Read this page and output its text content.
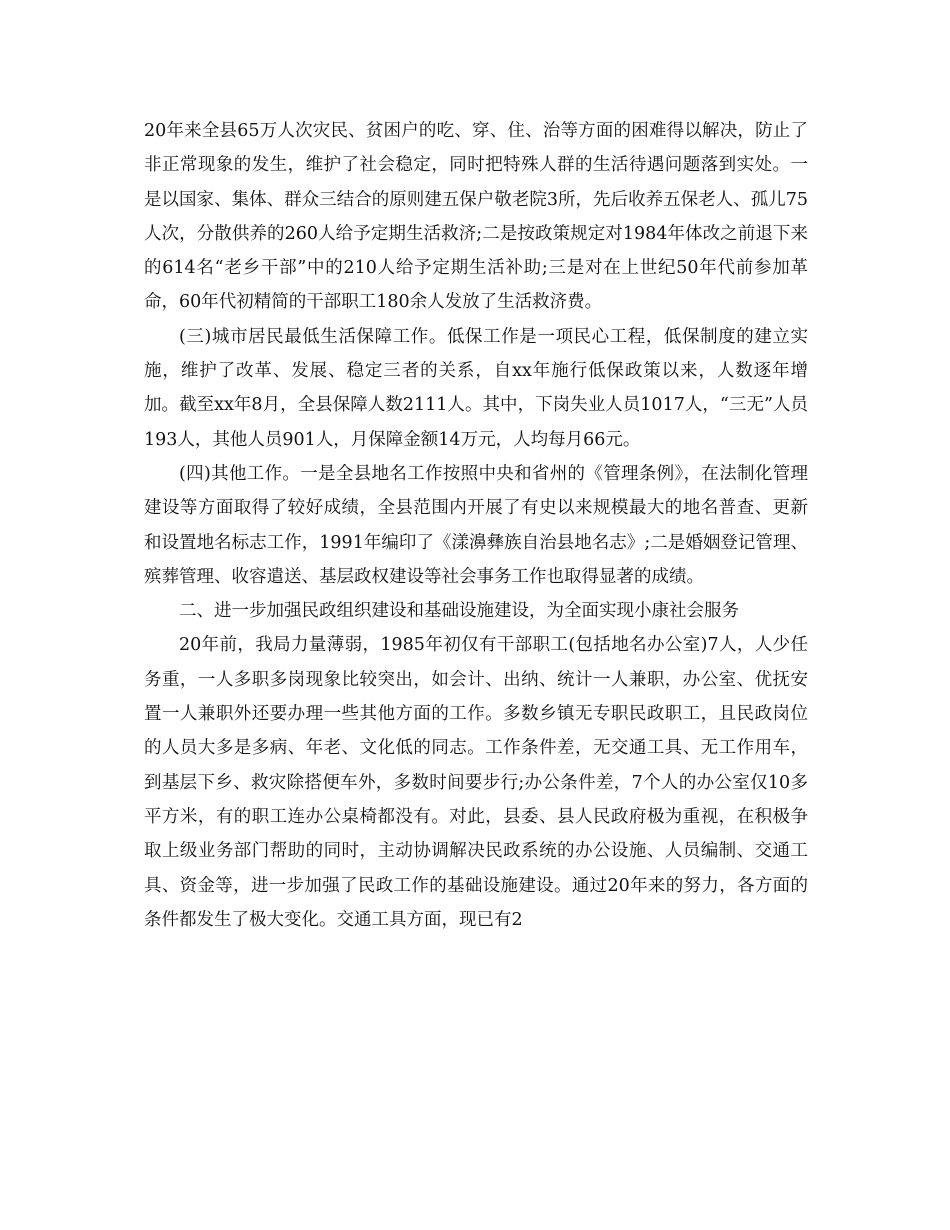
20年来全县65万人次灾民、贫困户的吃、穿、住、治等方面的困难得以解决，防止了非正常现象的发生，维护了社会稳定，同时把特殊人群的生活待遇问题落到实处。一是以国家、集体、群众三结合的原则建五保户敬老院3所，先后收养五保老人、孤儿75人次，分散供养的260人给予定期生活救济;二是按政策规定对1984年体改之前退下来的614名“老乡干部”中的210人给予定期生活补助;三是对在上世纪50年代前参加革命，60年代初精简的干部职工180余人发放了生活救济费。

(三)城市居民最低生活保障工作。低保工作是一项民心工程，低保制度的建立实施，维护了改革、发展、稳定三者的关系，自xx年施行低保政策以来，人数逐年增加。截至xx年8月，全县保障人数2111人。其中，下岗失业人员1017人，“三无”人员193人，其他人员901人，月保障金额14万元，人均每月66元。

(四)其他工作。一是全县地名工作按照中央和省州的《管理条例》，在法制化管理建设等方面取得了较好成绩，全县范围内开展了有史以来规模最大的地名普查、更新和设置地名标志工作，1991年编印了《漾濞彝族自治县地名志》;二是婚姻登记管理、殡葬管理、收容遣送、基层政权建设等社会事务工作也取得显著的成绩。

二、进一步加强民政组织建设和基础设施建设，为全面实现小康社会服务

20年前，我局力量薄弱，1985年初仅有干部职工(包括地名办公室)7人，人少任务重，一人多职多岗现象比较突出，如会计、出纳、统计一人兼职，办公室、优抚安置一人兼职外还要办理一些其他方面的工作。多数乡镇无专职民政职工，且民政岗位的人员大多是多病、年老、文化低的同志。工作条件差，无交通工具、无工作用车，到基层下乡、救灾除搭便车外，多数时间要步行;办公条件差，7个人的办公室仅10多平方米，有的职工连办公桌椅都没有。对此，县委、县人民政府极为重视，在积极争取上级业务部门帮助的同时，主动协调解决民政系统的办公设施、人员编制、交通工具、资金等，进一步加强了民政工作的基础设施建设。通过20年来的努力，各方面的条件都发生了极大变化。交通工具方面，现已有2
